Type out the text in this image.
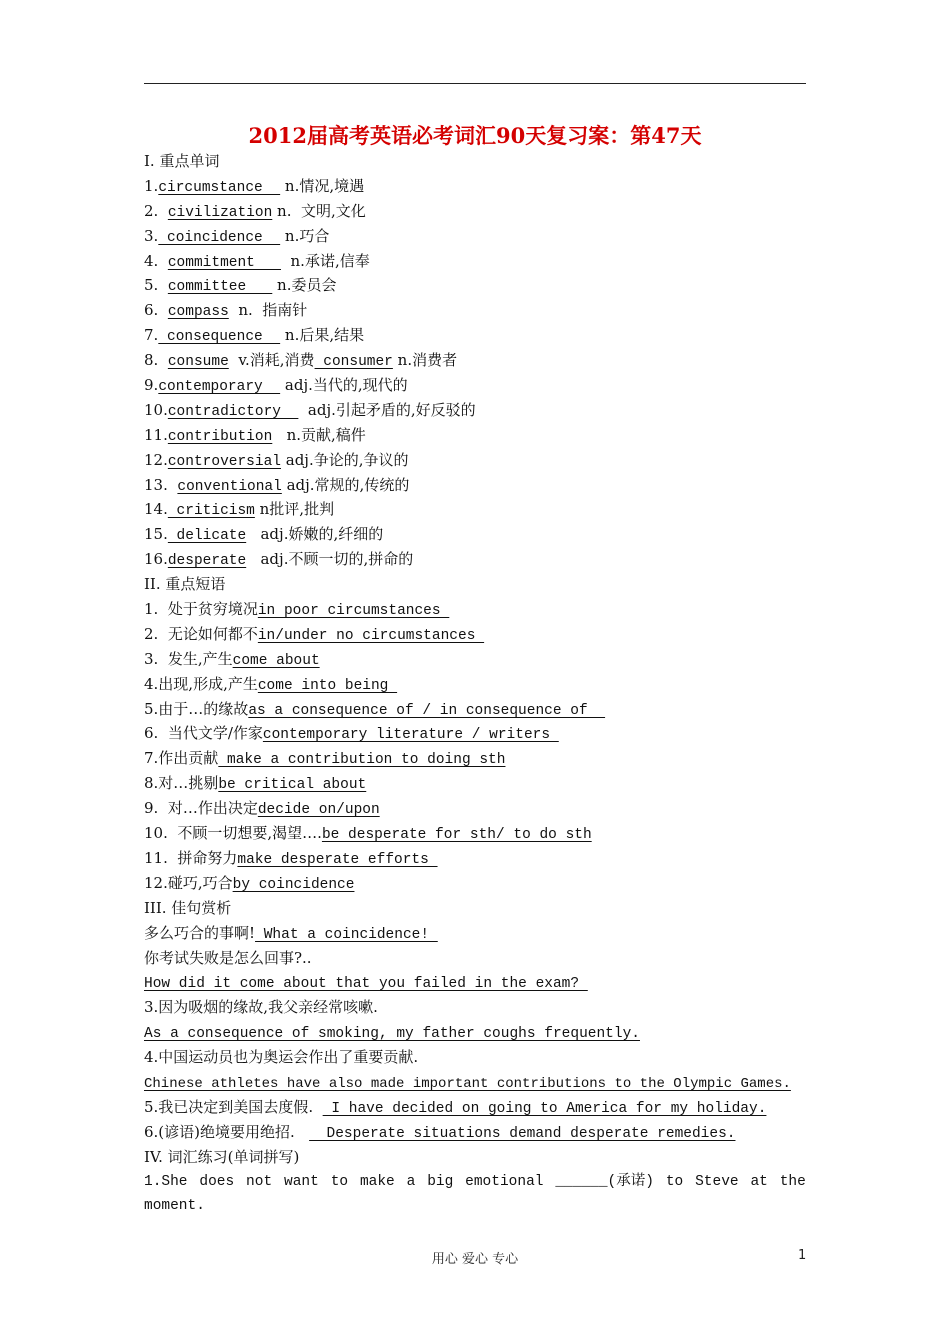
2012届高考英语必考词汇90天复习案：第47天
I. 重点单词
1.circumstance   n.情况,境遇
2.  civilization n.  文明,文化
3. coincidence   n.巧合
4.  commitment     n.承诺,信奉
5.  committee    n.委员会
6.  compass  n.  指南针
7. consequence   n.后果,结果
8.  consume  v.消耗,消费 consumer n.消费者
9.contemporary   adj.当代的,现代的
10.contradictory    adj.引起矛盾的,好反驳的
11.contribution   n.贡献,稿件
12.controversial adj.争论的,争议的
13.  conventional adj.常规的,传统的
14. criticism n批评,批判
15. delicate   adj.娇嫩的,纤细的
16.desperate   adj.不顾一切的,拼命的
II. 重点短语
1.  处于贫穷境况in poor circumstances
2.  无论如何都不in/under no circumstances
3.  发生,产生come about
4.出现,形成,产生come into being
5.由于…的缘故as a consequence of / in consequence of
6.  当代文学/作家contemporary literature / writers
7.作出贡献 make a contribution to doing sth
8.对…挑剔be critical about
9.  对…作出决定decide on/upon
10.  不顾一切想要,渴望….be desperate for sth/ to do sth
11.  拼命努力make desperate efforts
12.碰巧,巧合by coincidence
III. 佳句赏析
多么巧合的事啊! What a coincidence!
你考试失败是怎么回事?..
How did it come about that you failed in the exam?
3.因为吸烟的缘故,我父亲经常咳嗽.
As a consequence of smoking, my father coughs frequently.
4.中国运动员也为奥运会作出了重要贡献.
Chinese athletes have also made important contributions to the Olympic Games.
5.我已决定到美国去度假.   I have decided on going to America for my holiday.
6.(谚语)绝境要用绝招.     Desperate situations demand desperate remedies.
IV. 词汇练习(单词拼写)
1.She does not want to make a big emotional ______(承诺) to Steve at the
moment.
用心 爱心 专心	1
